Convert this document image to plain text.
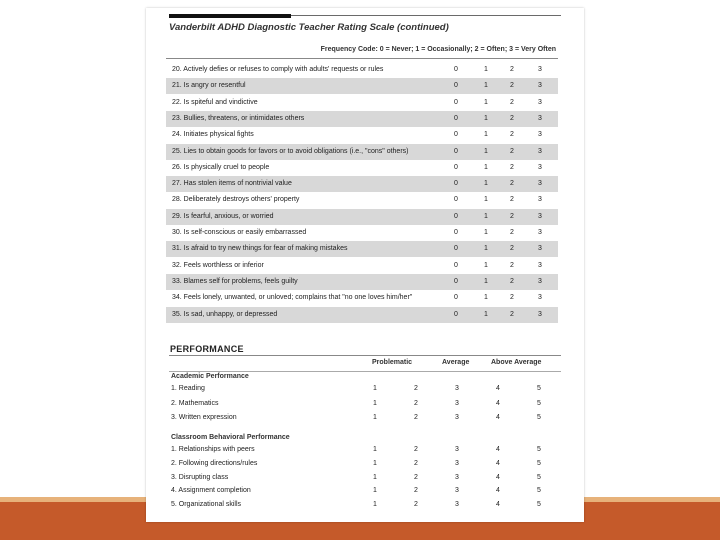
Vanderbilt ADHD Diagnostic Teacher Rating Scale (continued)
Frequency Code: 0 = Never; 1 = Occasionally; 2 = Often; 3 = Very Often
20. Actively defies or refuses to comply with adults' requests or rules	0	1	2	3
21. Is angry or resentful	0	1	2	3
22. Is spiteful and vindictive	0	1	2	3
23. Bullies, threatens, or intimidates others	0	1	2	3
24. Initiates physical fights	0	1	2	3
25. Lies to obtain goods for favors or to avoid obligations (i.e., "cons" others)	0	1	2	3
26. Is physically cruel to people	0	1	2	3
27. Has stolen items of nontrivial value	0	1	2	3
28. Deliberately destroys others' property	0	1	2	3
29. Is fearful, anxious, or worried	0	1	2	3
30. Is self-conscious or easily embarrassed	0	1	2	3
31. Is afraid to try new things for fear of making mistakes	0	1	2	3
32. Feels worthless or inferior	0	1	2	3
33. Blames self for problems, feels guilty	0	1	2	3
34. Feels lonely, unwanted, or unloved; complains that "no one loves him/her"	0	1	2	3
35. Is sad, unhappy, or depressed	0	1	2	3
PERFORMANCE
Problematic	Average	Above Average
Academic Performance
1. Reading	1	2	3	4	5
2. Mathematics	1	2	3	4	5
3. Written expression	1	2	3	4	5
Classroom Behavioral Performance
1. Relationships with peers	1	2	3	4	5
2. Following directions/rules	1	2	3	4	5
3. Disrupting class	1	2	3	4	5
4. Assignment completion	1	2	3	4	5
5. Organizational skills	1	2	3	4	5
